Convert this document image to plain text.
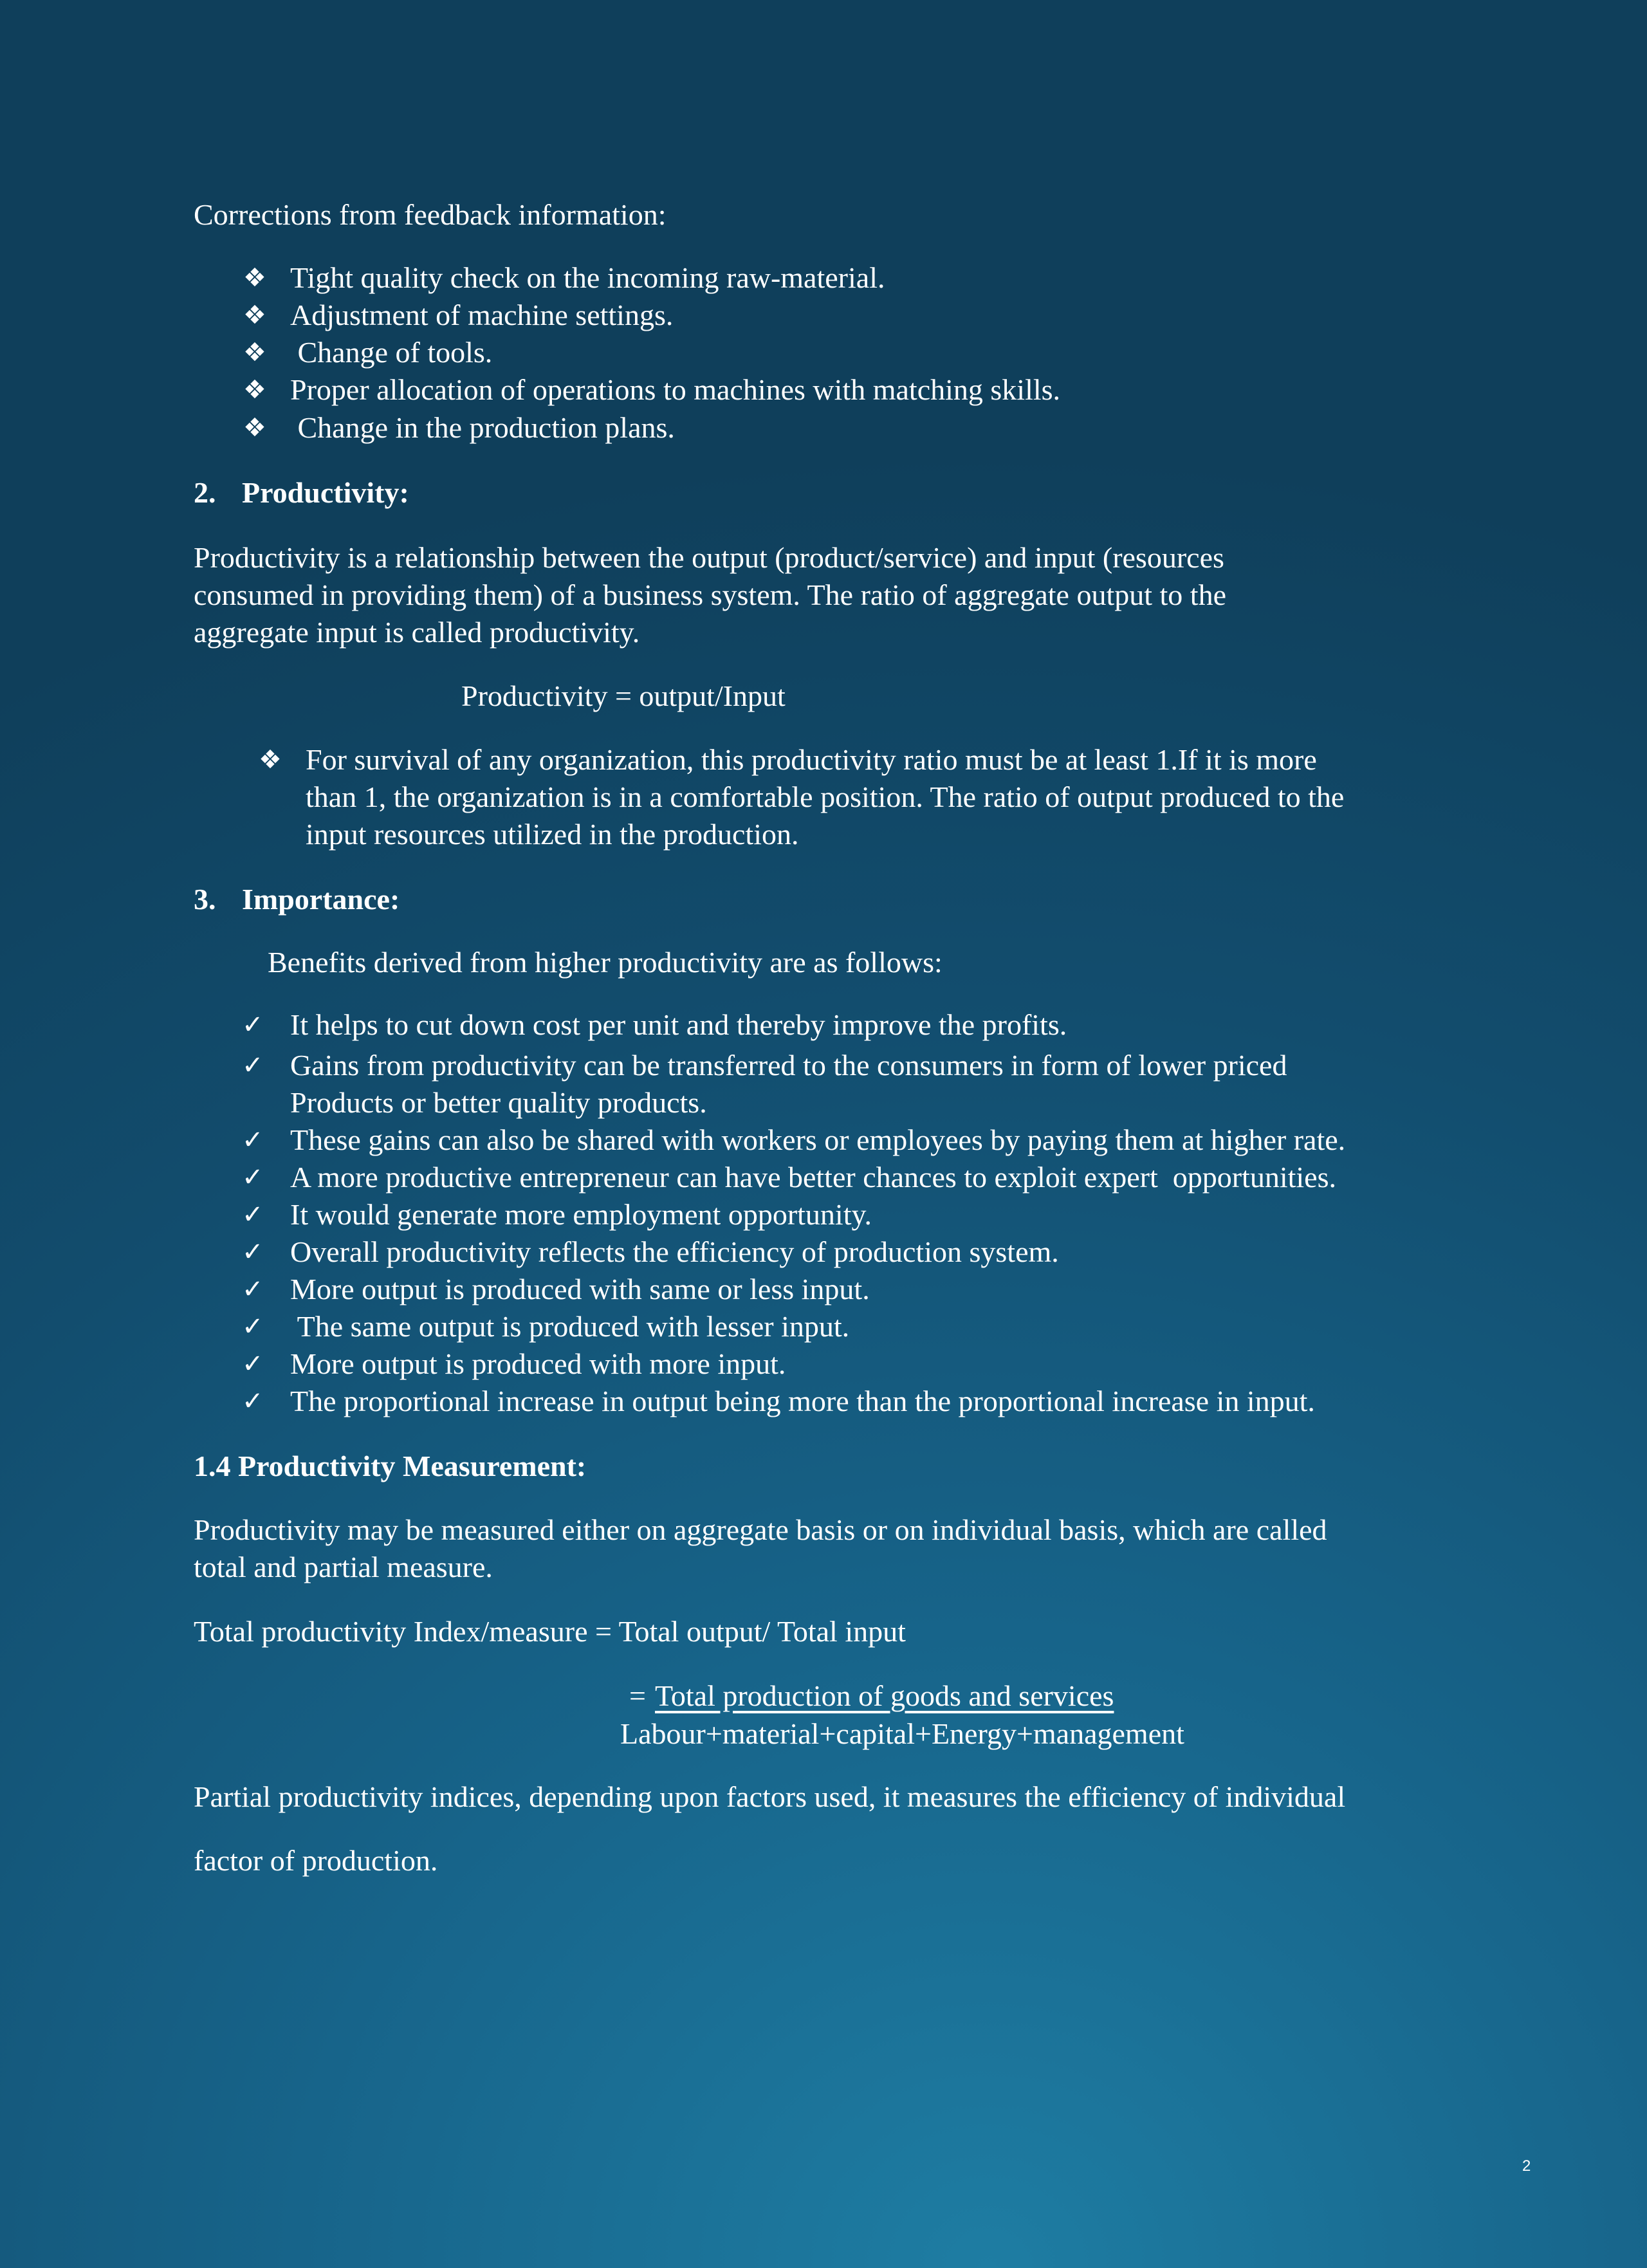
Corrections from feedback information:
❖ Tight quality check on the incoming raw-material.
❖ Adjustment of machine settings.
❖ Change of tools.
❖ Proper allocation of operations to machines with matching skills.
❖ Change in the production plans.
2. Productivity:
Productivity is a relationship between the output (product/service) and input (resources
consumed in providing them) of a business system. The ratio of aggregate output to the
aggregate input is called productivity.
Productivity = output/Input
❖ For survival of any organization, this productivity ratio must be at least 1.If it is more
than 1, the organization is in a comfortable position. The ratio of output produced to the
input resources utilized in the production.
3. Importance:
Benefits derived from higher productivity are as follows:
✓ It helps to cut down cost per unit and thereby improve the profits.
✓ Gains from productivity can be transferred to the consumers in form of lower priced
Products or better quality products.
✓ These gains can also be shared with workers or employees by paying them at higher rate.
✓ A more productive entrepreneur can have better chances to exploit expert  opportunities.
✓ It would generate more employment opportunity.
✓ Overall productivity reflects the efficiency of production system.
✓ More output is produced with same or less input.
✓ The same output is produced with lesser input.
✓ More output is produced with more input.
✓ The proportional increase in output being more than the proportional increase in input.
1.4 Productivity Measurement:
Productivity may be measured either on aggregate basis or on individual basis, which are called
total and partial measure.
Total productivity Index/measure = Total output/ Total input
= Total production of goods and services
Labour+material+capital+Energy+management
Partial productivity indices, depending upon factors used, it measures the efficiency of individual
factor of production.
2
